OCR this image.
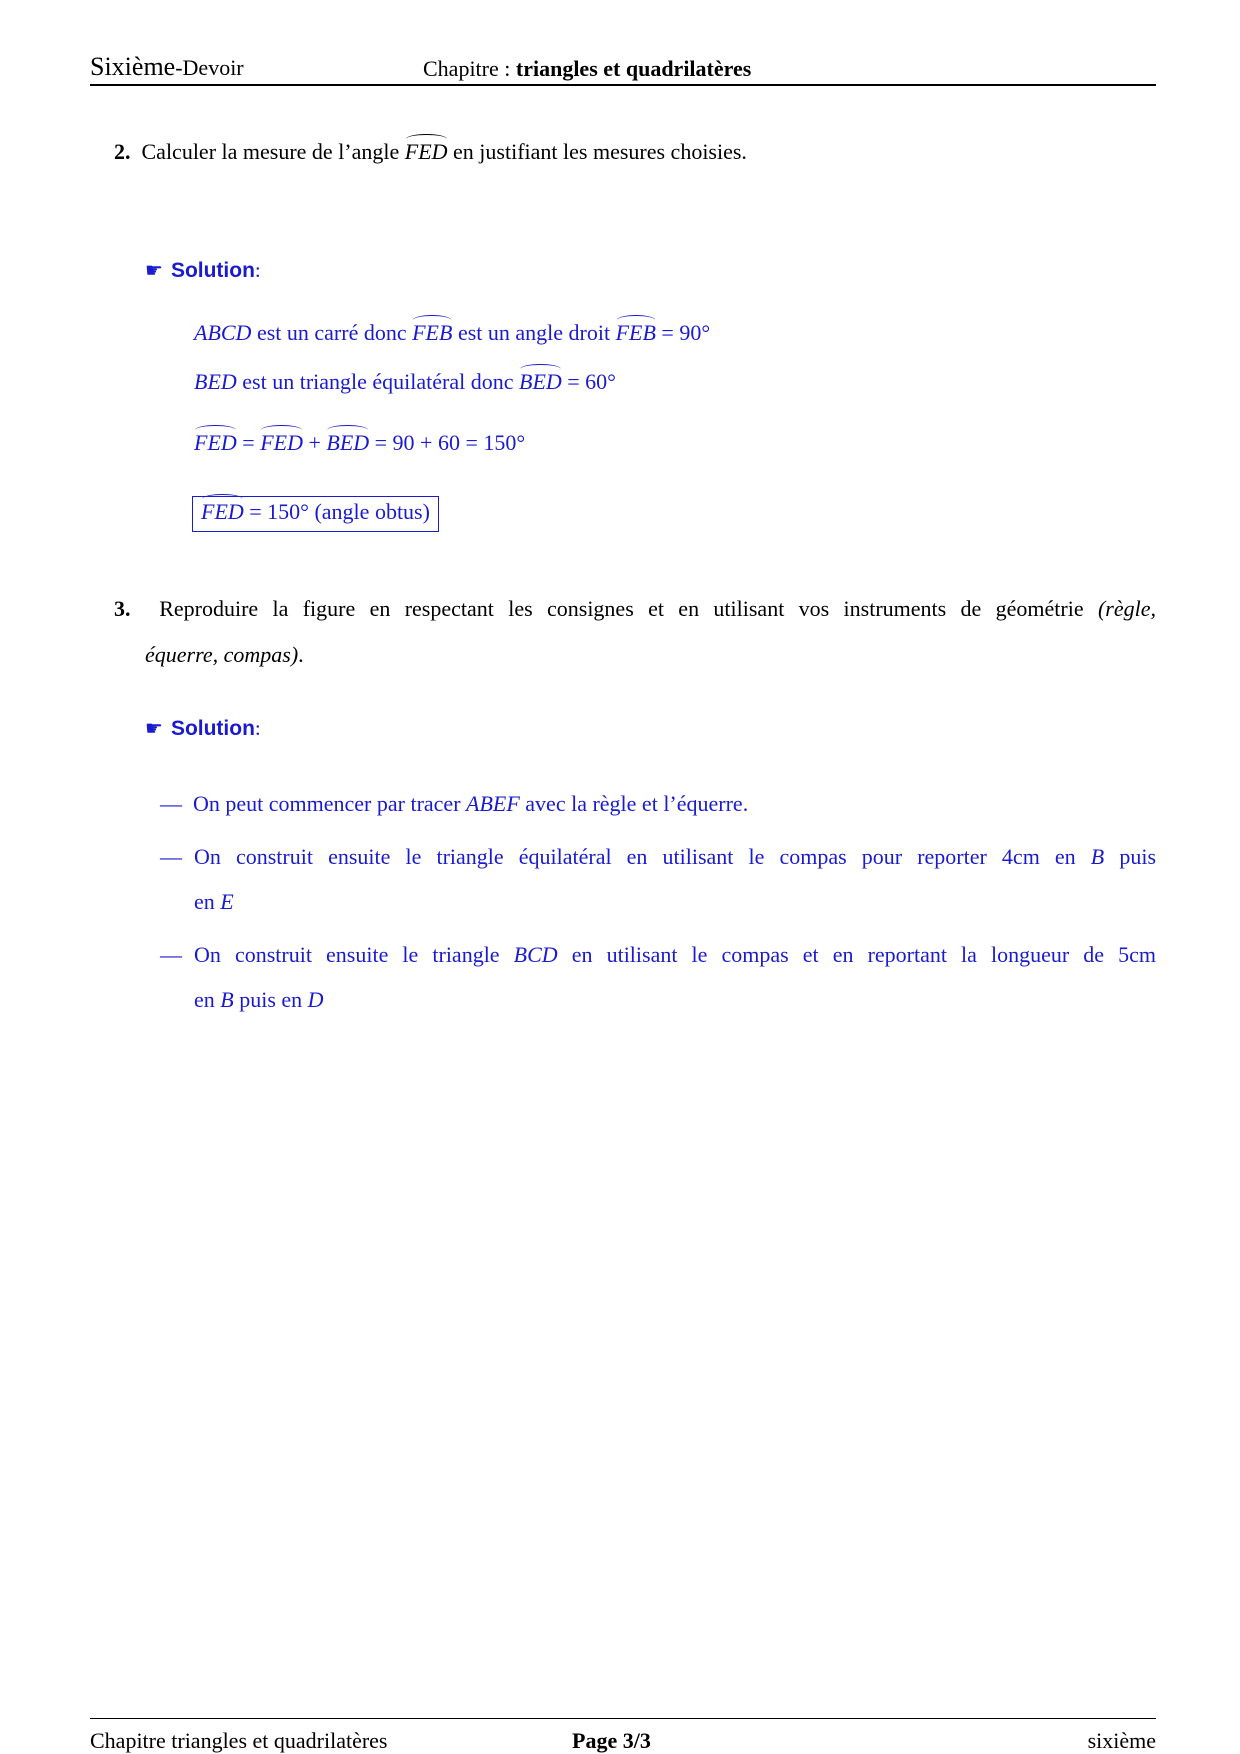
Sixième-Devoir	Chapitre : triangles et quadrilatères
2. Calculer la mesure de l’angle FED en justifiant les mesures choisies.
☛ Solution:
ABCD est un carré donc FEB est un angle droit FEB = 90°
BED est un triangle équilatéral donc BED = 60°
FED = FED + BED = 90 + 60 = 150°
FED = 150° (angle obtus)
3. Reproduire la figure en respectant les consignes et en utilisant vos instruments de géométrie (règle,
équerre, compas).
☛ Solution:
— On peut commencer par tracer ABEF avec la règle et l’équerre.
— On construit ensuite le triangle équilatéral en utilisant le compas pour reporter 4cm en B puis
en E
— On construit ensuite le triangle BCD en utilisant le compas et en reportant la longueur de 5cm
en B puis en D
Chapitre triangles et quadrilatères	Page 3/3	sixième
